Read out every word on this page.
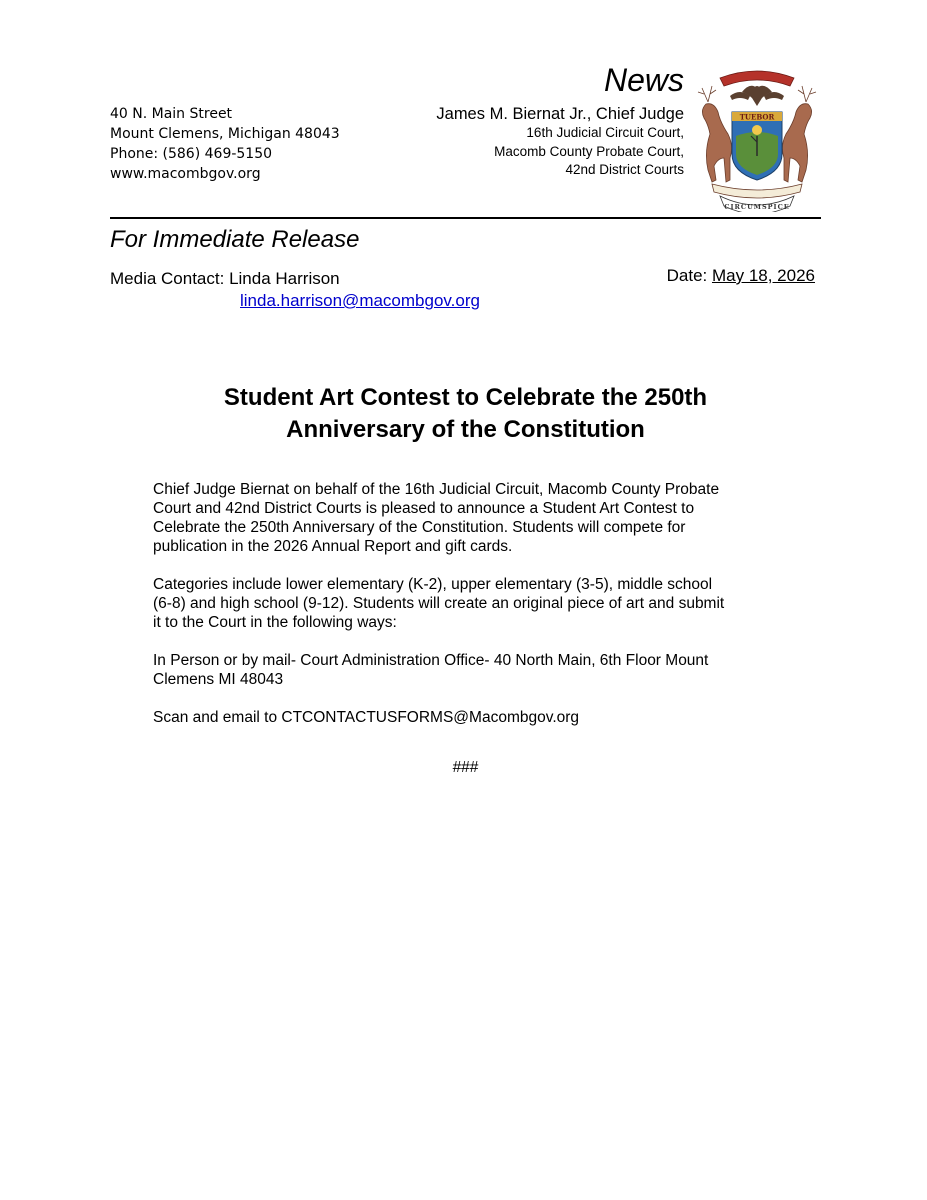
40 N. Main Street
Mount Clemens, Michigan 48043
Phone: (586) 469-5150
www.macombgov.org
News
James M. Biernat Jr., Chief Judge
16th Judicial Circuit Court,
Macomb County Probate Court,
42nd District Courts
TUEBOR
CIRCUMSPICE
For Immediate Release
Media Contact: Linda Harrison
linda.harrison@macombgov.org
Date: May 18, 2026
Student Art Contest to Celebrate the 250th
Anniversary of the Constitution

Chief Judge Biernat on behalf of the 16th Judicial Circuit, Macomb County Probate
Court and 42nd District Courts is pleased to announce a Student Art Contest to
Celebrate the 250th Anniversary of the Constitution. Students will compete for
publication in the 2026 Annual Report and gift cards.

Categories include lower elementary (K-2), upper elementary (3-5), middle school
(6-8) and high school (9-12). Students will create an original piece of art and submit
it to the Court in the following ways:

In Person or by mail- Court Administration Office- 40 North Main, 6th Floor Mount
Clemens MI 48043

Scan and email to CTCONTACTUSFORMS@Macombgov.org

###
